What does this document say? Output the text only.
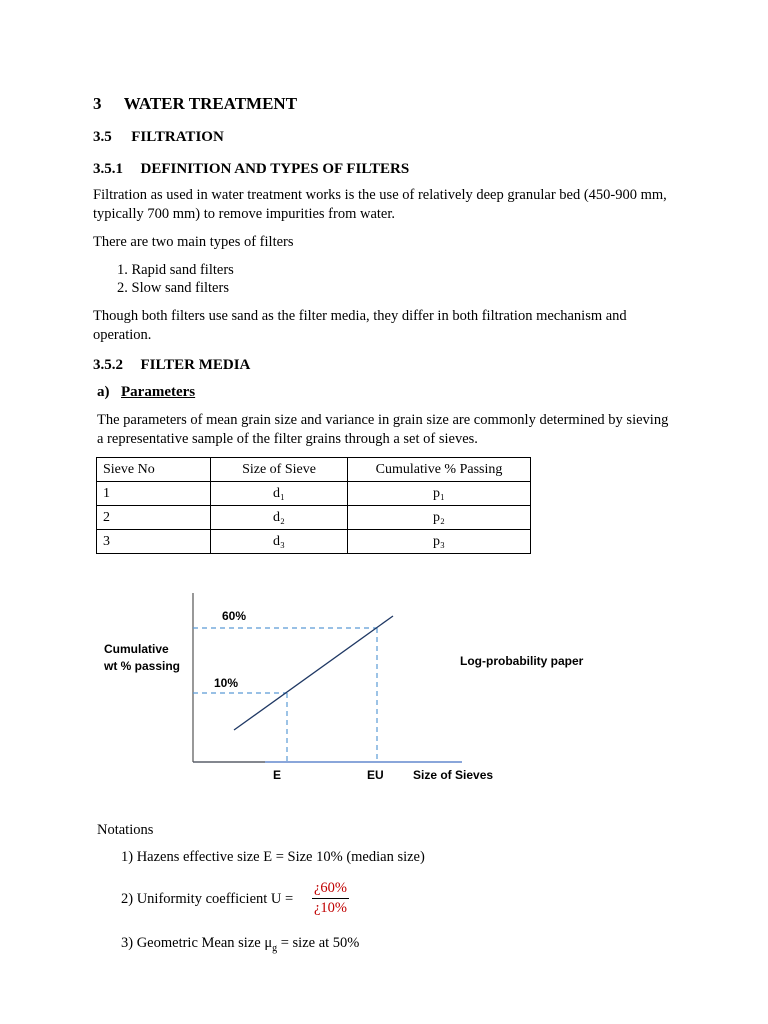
3 WATER TREATMENT
3.5 FILTRATION
3.5.1 DEFINITION AND TYPES OF FILTERS
Filtration as used in water treatment works is the use of relatively deep granular bed (450-900 mm, typically 700 mm) to remove impurities from water.
There are two main types of filters
1. Rapid sand filters
2. Slow sand filters
Though both filters use sand as the filter media, they differ in both filtration mechanism and operation.
3.5.2 FILTER MEDIA
a) Parameters
The parameters of mean grain size and variance in grain size are commonly determined by sieving a representative sample of the filter grains through a set of sieves.
Sieve No	Size of Sieve	Cumulative % Passing
1	d₁	p₁
2	d₂	p₂
3	d₃	p₃
Cumulative
wt % passing
60%
10%
E	EU Size of Sieves
Log-probability paper
Notations
1) Hazens effective size E = Size 10% (median size)
2) Uniformity coefficient $U = \frac{¿60\%}{¿10\%}$
3) Geometric Mean size $\mu_g$ = size at 50%
